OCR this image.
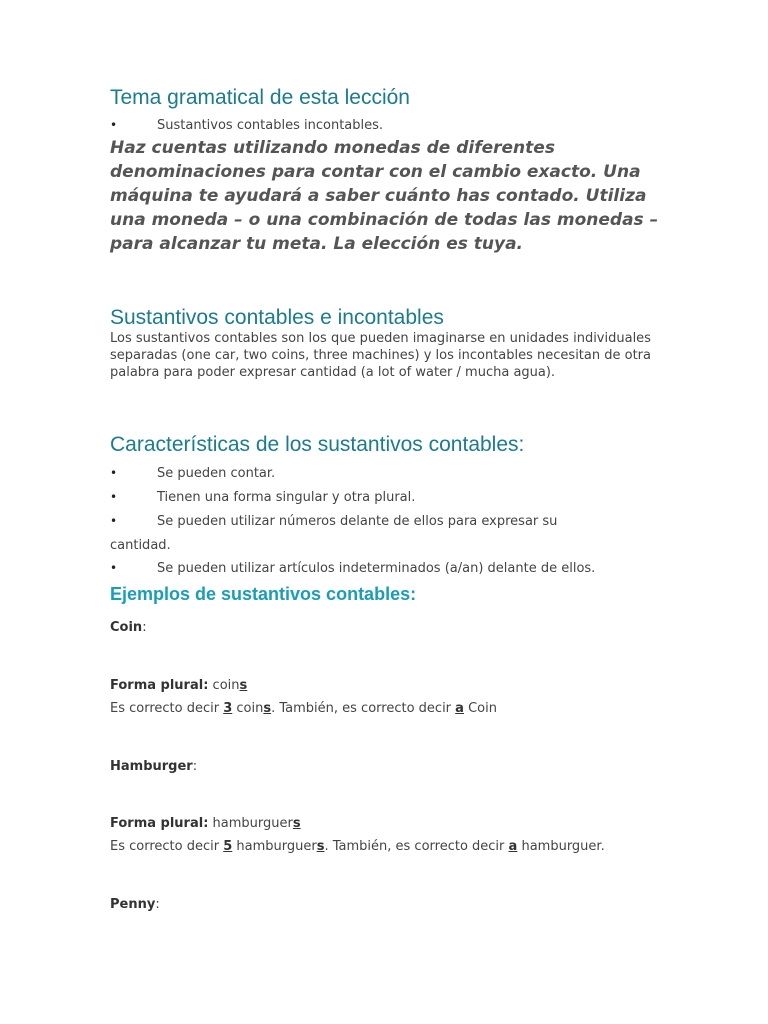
Tema gramatical de esta lección
•	Sustantivos contables incontables.
Haz cuentas utilizando monedas de diferentes denominaciones para contar con el cambio exacto. Una máquina te ayudará a saber cuánto has contado. Utiliza una moneda – o una combinación de todas las monedas – para alcanzar tu meta. La elección es tuya.
Sustantivos contables e incontables
Los sustantivos contables son los que pueden imaginarse en unidades individuales separadas (one car, two coins, three machines) y los incontables necesitan de otra palabra para poder expresar cantidad (a lot of water / mucha agua).
Características de los sustantivos contables:
•	Se pueden contar.
•	Tienen una forma singular y otra plural.
•	Se pueden utilizar números delante de ellos para expresar su
cantidad.
•	Se pueden utilizar artículos indeterminados (a/an) delante de ellos.
Ejemplos de sustantivos contables:
Coin:
Forma plural: coins
Es correcto decir 3 coins. También, es correcto decir a Coin
Hamburger:
Forma plural: hamburguers
Es correcto decir 5 hamburguers. También, es correcto decir a hamburguer.
Penny:
